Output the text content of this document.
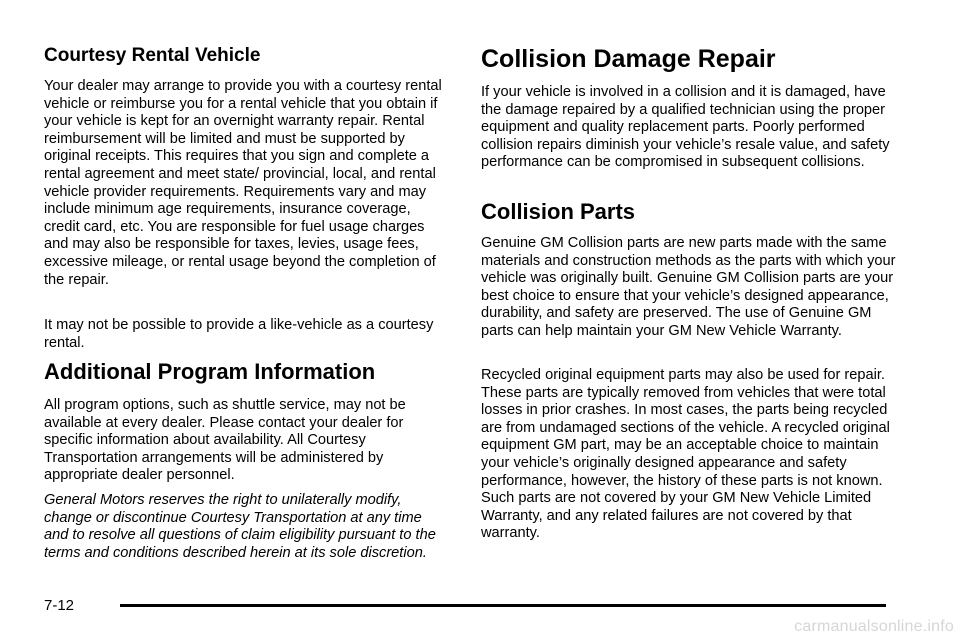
Courtesy Rental Vehicle

Your dealer may arrange to provide you with a courtesy rental vehicle or reimburse you for a rental vehicle that you obtain if your vehicle is kept for an overnight warranty repair. Rental reimbursement will be limited and must be supported by original receipts. This requires that you sign and complete a rental agreement and meet state/ provincial, local, and rental vehicle provider requirements. Requirements vary and may include minimum age requirements, insurance coverage, credit card, etc. You are responsible for fuel usage charges and may also be responsible for taxes, levies, usage fees, excessive mileage, or rental usage beyond the completion of the repair.

It may not be possible to provide a like-vehicle as a courtesy rental.

Additional Program Information

All program options, such as shuttle service, may not be available at every dealer. Please contact your dealer for specific information about availability. All Courtesy Transportation arrangements will be administered by appropriate dealer personnel.

General Motors reserves the right to unilaterally modify, change or discontinue Courtesy Transportation at any time and to resolve all questions of claim eligibility pursuant to the terms and conditions described herein at its sole discretion.

Collision Damage Repair

If your vehicle is involved in a collision and it is damaged, have the damage repaired by a qualified technician using the proper equipment and quality replacement parts. Poorly performed collision repairs diminish your vehicle’s resale value, and safety performance can be compromised in subsequent collisions.

Collision Parts

Genuine GM Collision parts are new parts made with the same materials and construction methods as the parts with which your vehicle was originally built. Genuine GM Collision parts are your best choice to ensure that your vehicle’s designed appearance, durability, and safety are preserved. The use of Genuine GM parts can help maintain your GM New Vehicle Warranty.

Recycled original equipment parts may also be used for repair. These parts are typically removed from vehicles that were total losses in prior crashes. In most cases, the parts being recycled are from undamaged sections of the vehicle. A recycled original equipment GM part, may be an acceptable choice to maintain your vehicle’s originally designed appearance and safety performance, however, the history of these parts is not known. Such parts are not covered by your GM New Vehicle Limited Warranty, and any related failures are not covered by that warranty.

7-12
carmanualsonline.info
